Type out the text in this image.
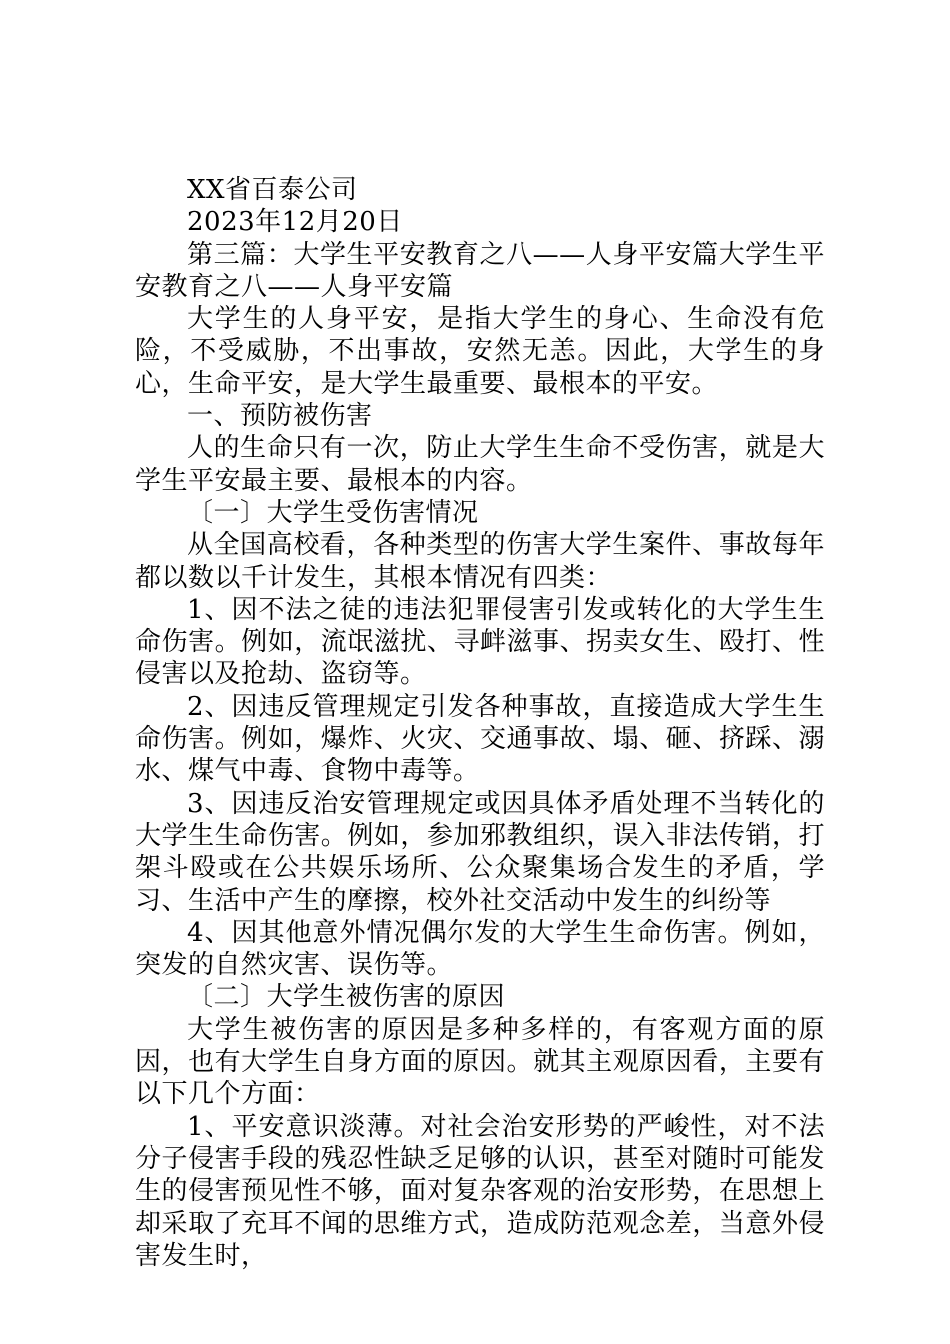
XX省百泰公司

2023年12月20日

第三篇：大学生平安教育之八——人身平安篇大学生平安教育之八——人身平安篇

大学生的人身平安，是指大学生的身心、生命没有危险，不受威胁，不出事故，安然无恙。因此，大学生的身心，生命平安，是大学生最重要、最根本的平安。

一、预防被伤害

人的生命只有一次，防止大学生生命不受伤害，就是大学生平安最主要、最根本的内容。

〔一〕大学生受伤害情况

从全国高校看，各种类型的伤害大学生案件、事故每年都以数以千计发生，其根本情况有四类：

1、因不法之徒的违法犯罪侵害引发或转化的大学生生命伤害。例如，流氓滋扰、寻衅滋事、拐卖女生、殴打、性侵害以及抢劫、盗窃等。

2、因违反管理规定引发各种事故，直接造成大学生生命伤害。例如，爆炸、火灾、交通事故、塌、砸、挤踩、溺水、煤气中毒、食物中毒等。

3、因违反治安管理规定或因具体矛盾处理不当转化的大学生生命伤害。例如，参加邪教组织，误入非法传销，打架斗殴或在公共娱乐场所、公众聚集场合发生的矛盾，学习、生活中产生的摩擦，校外社交活动中发生的纠纷等

4、因其他意外情况偶尔发的大学生生命伤害。例如，突发的自然灾害、误伤等。

〔二〕大学生被伤害的原因

大学生被伤害的原因是多种多样的，有客观方面的原因，也有大学生自身方面的原因。就其主观原因看，主要有以下几个方面：

1、平安意识淡薄。对社会治安形势的严峻性，对不法分子侵害手段的残忍性缺乏足够的认识，甚至对随时可能发生的侵害预见性不够，面对复杂客观的治安形势，在思想上却采取了充耳不闻的思维方式，造成防范观念差，当意外侵害发生时，
